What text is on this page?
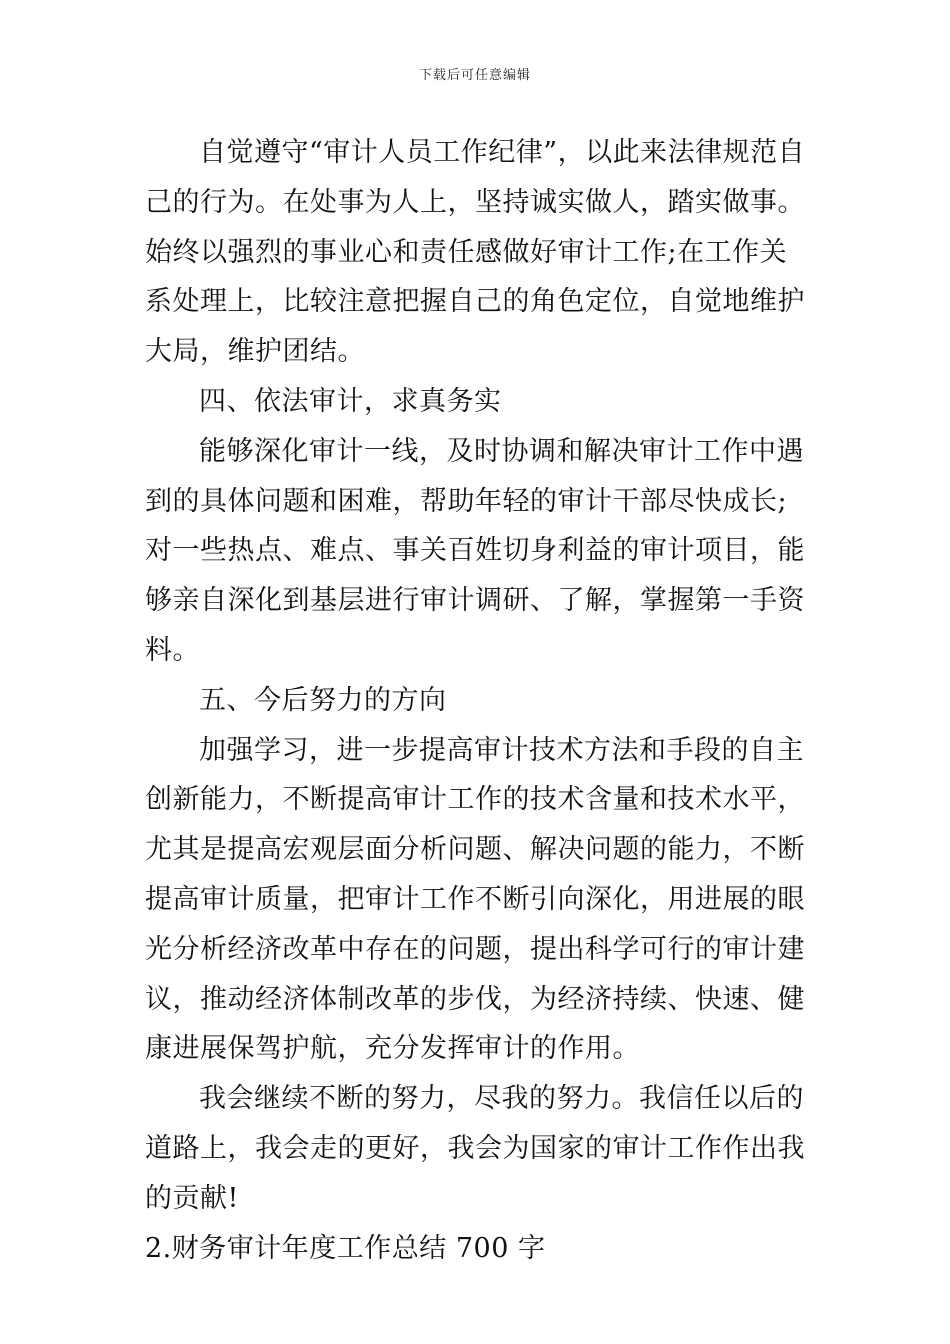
下载后可任意编辑

自觉遵守“审计人员工作纪律”，以此来法律规范自己的行为。在处事为人上，坚持诚实做人，踏实做事。始终以强烈的事业心和责任感做好审计工作;在工作关系处理上，比较注意把握自己的角色定位，自觉地维护大局，维护团结。

四、依法审计，求真务实

能够深化审计一线，及时协调和解决审计工作中遇到的具体问题和困难，帮助年轻的审计干部尽快成长;对一些热点、难点、事关百姓切身利益的审计项目，能够亲自深化到基层进行审计调研、了解，掌握第一手资料。

五、今后努力的方向

加强学习，进一步提高审计技术方法和手段的自主创新能力，不断提高审计工作的技术含量和技术水平，尤其是提高宏观层面分析问题、解决问题的能力，不断提高审计质量，把审计工作不断引向深化，用进展的眼光分析经济改革中存在的问题，提出科学可行的审计建议，推动经济体制改革的步伐，为经济持续、快速、健康进展保驾护航，充分发挥审计的作用。

我会继续不断的努力，尽我的努力。我信任以后的道路上，我会走的更好，我会为国家的审计工作作出我的贡献!

2.财务审计年度工作总结 700 字
